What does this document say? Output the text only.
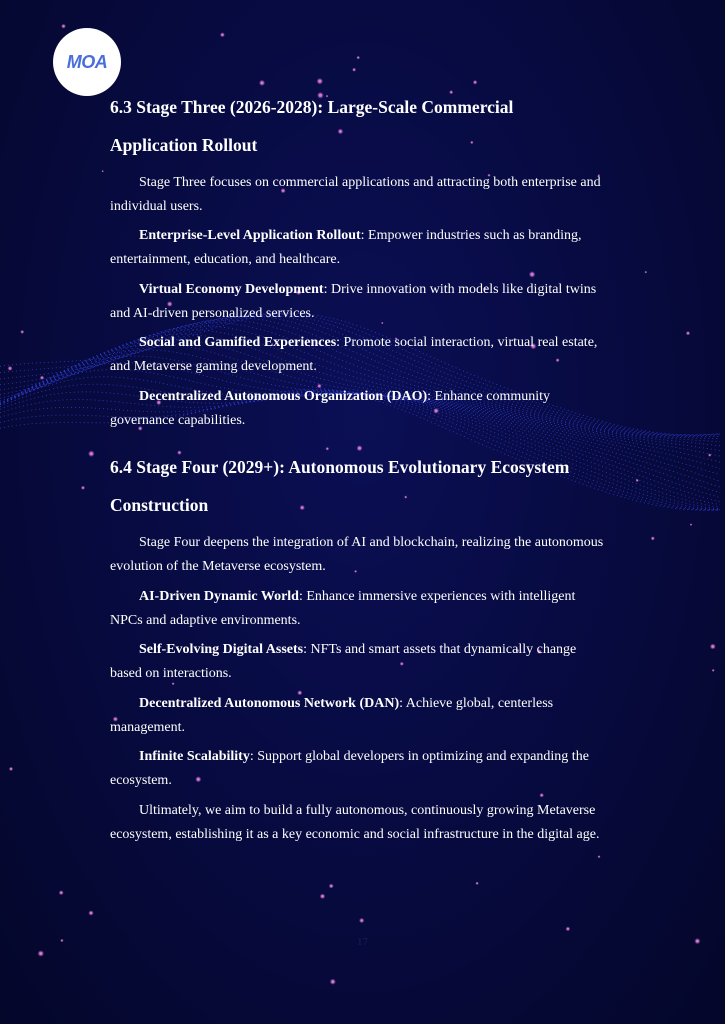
MOA
6.3 Stage Three (2026-2028): Large-Scale Commercial
Application Rollout

Stage Three focuses on commercial applications and attracting both enterprise and individual users.

Enterprise-Level Application Rollout: Empower industries such as branding, entertainment, education, and healthcare.

Virtual Economy Development: Drive innovation with models like digital twins and AI-driven personalized services.

Social and Gamified Experiences: Promote social interaction, virtual real estate, and Metaverse gaming development.

Decentralized Autonomous Organization (DAO): Enhance community governance capabilities.

6.4 Stage Four (2029+): Autonomous Evolutionary Ecosystem
Construction

Stage Four deepens the integration of AI and blockchain, realizing the autonomous evolution of the Metaverse ecosystem.

AI-Driven Dynamic World: Enhance immersive experiences with intelligent NPCs and adaptive environments.

Self-Evolving Digital Assets: NFTs and smart assets that dynamically change based on interactions.

Decentralized Autonomous Network (DAN): Achieve global, centerless management.

Infinite Scalability: Support global developers in optimizing and expanding the ecosystem.

Ultimately, we aim to build a fully autonomous, continuously growing Metaverse ecosystem, establishing it as a key economic and social infrastructure in the digital age.

17
